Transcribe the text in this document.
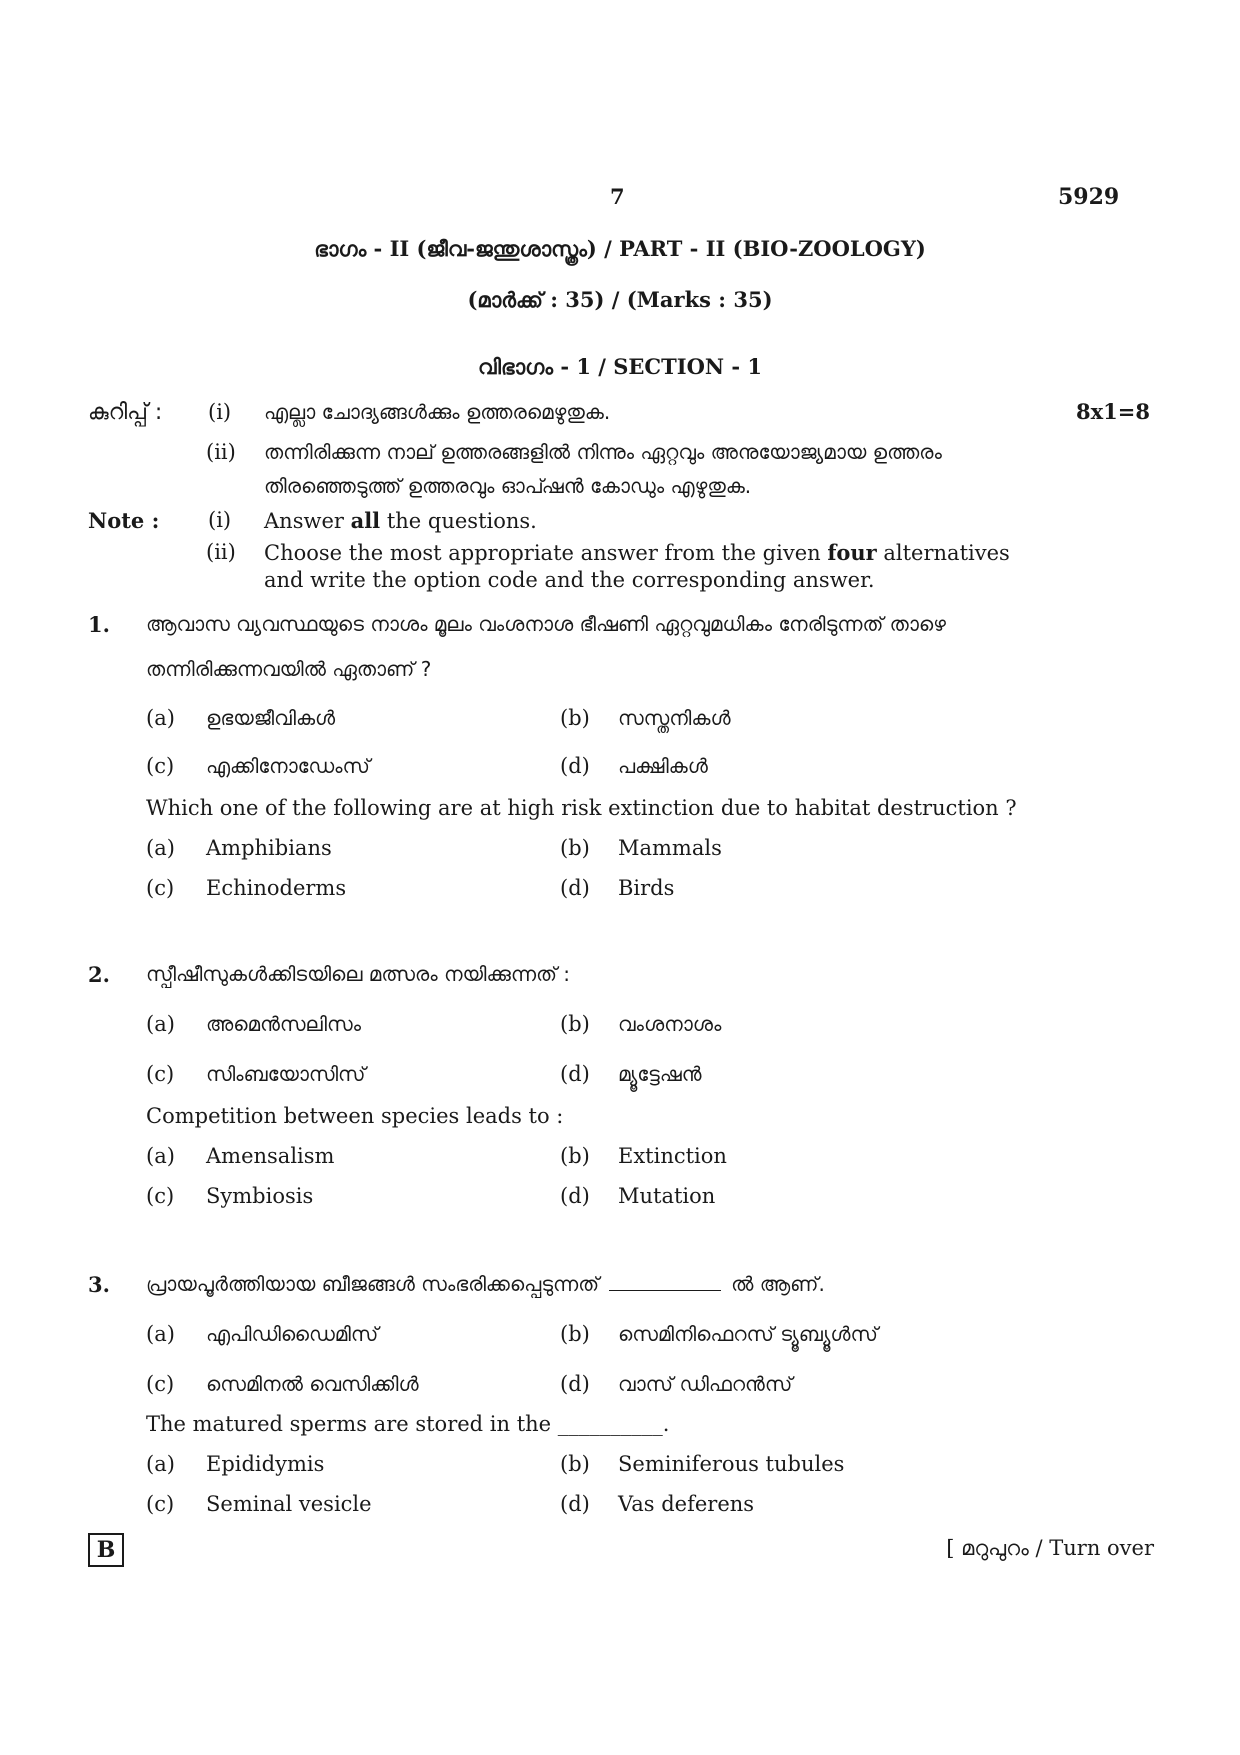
7	5929
ഭാഗം - II (ജീവ-ജന്തുശാസ്ത്രം) / PART - II (BIO-ZOOLOGY)
(മാർക്ക് : 35) / (Marks : 35)
വിഭാഗം - 1 / SECTION - 1
കുറിപ്പ് : (i) എല്ലാ ചോദ്യങ്ങൾക്കും ഉത്തരമെഴുതുക.	8x1=8
(ii) തന്നിരിക്കുന്ന നാല് ഉത്തരങ്ങളിൽ നിന്നും ഏറ്റവും അനുയോജ്യമായ ഉത്തരം
തിരഞ്ഞെടുത്ത് ഉത്തരവും ഓപ്ഷൻ കോഡും എഴുതുക.
Note : (i) Answer all the questions.
(ii) Choose the most appropriate answer from the given four alternatives
and write the option code and the corresponding answer.
1. ആവാസ വ്യവസ്ഥയുടെ നാശം മൂലം വംശനാശ ഭീഷണി ഏറ്റവുമധികം നേരിടുന്നത് താഴെ
തന്നിരിക്കുന്നവയിൽ ഏതാണ് ?
(a) ഉഭയജീവികൾ	(b) സസ്തനികൾ
(c) എക്കിനോഡേംസ്	(d) പക്ഷികൾ
Which one of the following are at high risk extinction due to habitat destruction ?
(a) Amphibians	(b) Mammals
(c) Echinoderms	(d) Birds
2. സ്പീഷീസുകൾക്കിടയിലെ മത്സരം നയിക്കുന്നത് :
(a) അമെൻസലിസം	(b) വംശനാശം
(c) സിംബയോസിസ്	(d) മ്യൂട്ടേഷൻ
Competition between species leads to :
(a) Amensalism	(b) Extinction
(c) Symbiosis	(d) Mutation
3. പ്രായപൂർത്തിയായ ബീജങ്ങൾ സംഭരിക്കപ്പെടുന്നത്	ൽ ആണ്.
(a) എപിഡിഡൈമിസ്	(b) സെമിനിഫെറസ് ട്യൂബ്യൂൾസ്
(c) സെമിനൽ വെസിക്കിൾ	(d) വാസ് ഡിഫറൻസ്
The matured sperms are stored in the __________.
(a) Epididymis	(b) Seminiferous tubules
(c) Seminal vesicle	(d) Vas deferens
B	[ മറുപുറം / Turn over
